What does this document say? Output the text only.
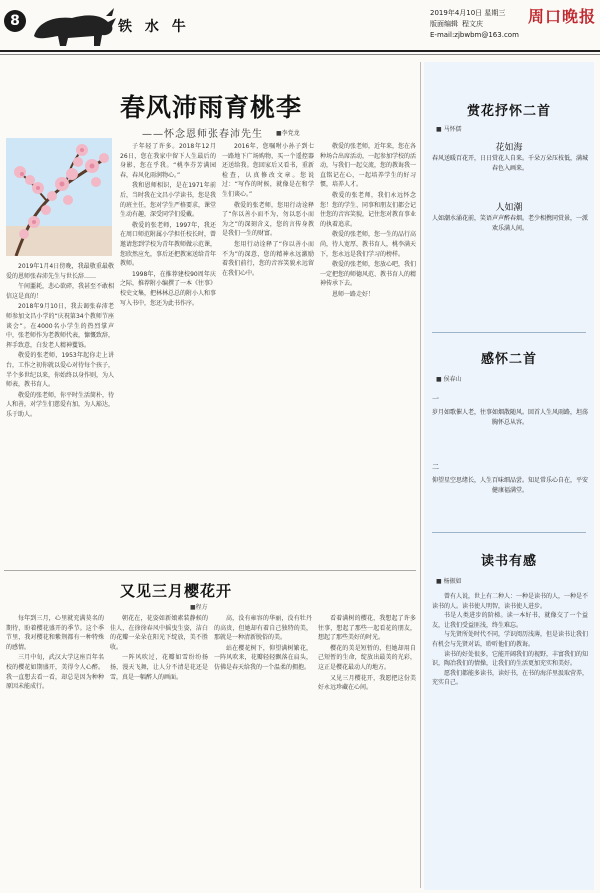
8	铁 水 牛
2019年4月10日 星期三
版面编辑 程文庆
E-mail:zjbwbm@163.com
周口晚报
春风沛雨育桃李
——怀念恩师张春沛先生 ■李党龙

2019年1月4日傍晚，我最敬重最敬爱的恩师张春沛先生与世长辞……

午间噩耗，悲心欲碎，我甚至不敢相信这是真的！

2018年9月10日，我去谒张春沛老师参加文昌小学的“庆祝第34个教师节座谈会”。在4000名小学生的热烈掌声中，张老师作为老教师代表，慷慨致辞，挥手致意，白发老人精神矍铄。

敬爱的张老师，1953年起你走上讲台，工作之初你就以爱心对待每个孩子，半个多世纪以来，你始终以身作则，为人师表，教书育人。

敬爱的张老师，你平时生活简朴，待人和善，对学生们慈爱有加，为人豁达，乐于助人。

子年轻了许多。2018年12月26日，您在我家中留下人生最后的身影，您在乎我。“桃李芬芳满园春，春风化雨润物心。”

我和恩师相识，是在1971年前后，当时我在文昌小学读书，您是我的班主任，您对学生严格要求，课堂生动有趣，深受同学们爱戴。

敬爱的张老师，1997年，我还在周口师范附属小学担任校长时，曾邀请您到学校为青年教师做示范课，您欣然应允，事后还把教案送给青年教师。

1998年，在推荐建校90周年庆之际，推荐附小编撰了一本《往事》校史文集，把林林总总的附小人和事写入书中，您还为此书作序。

2016年，您嘱咐小孙子到七一路地下广场购物，买一个遥控器还送给我。您回家后又看书，重新检查，认真修改文章。您说过：“写作的时候，就像是在和学生们谈心。”

敬爱的张老师，您用行动诠释了“你以善小而不为，勿以恶小而为之”的深刻含义，您的言传身教是我们一生的财富。

您用行动诠释了“你以善小而不为”的深意，您的精神永远激励着我们前行，您的音容笑貌永远留在我们心中。

敬爱的张老师，近年来，您在各种场合出席活动，一起参加学校的活动，与我们一起交流，您的教诲我一直铭记在心，一起培养学生的好习惯，培养人才。

敬爱的张老师，我们永远怀念您！您的学生、同事和朋友们都会记住您的音容笑貌，记住您对教育事业的执着追求。

敬爱的张老师，您一生的品行高尚，待人宽厚，教书育人，桃李满天下，您永远是我们学习的榜样。

敬爱的张老师，您放心吧，我们一定把您的师德风范、教书育人的精神传承下去。

恩师一路走好！

又见三月樱花开
■程方

每年到三月，心里就充满莫名的期待，盼着樱花盛开的季节。这个季节里，我对樱花和紫荆都有一种特殊的感情。

三月中旬，武汉大学这座百年名校的樱花如期盛开，美得令人心醉。我一直想去看一看，却总是因为种种原因未能成行。

朝花在，花姿如新娘素装静候的佳人，在徐徐春风中摇曳生姿，洁白的花瓣一朵朵在阳光下绽放，美不胜收。

一阵风吹过，花瓣如雪纷纷扬扬，漫天飞舞，让人分不清是花还是雪，真是一幅醉人的画面。

高，没有雍容的华丽，没有牡丹的高贵，但她却有着自己独特的美，那就是一种清新脱俗的美。

站在樱花树下，仰望满树繁花，一阵风吹来，花瓣轻轻飘落在肩头，仿佛是春天给我的一个温柔的拥抱。

看着满树的樱花，我想起了许多往事，想起了那些一起看花的朋友，想起了那些美好的时光。

樱花的美是短暂的，但她却用自己短暂的生命，绽放出最美的光彩，这正是樱花最动人的地方。

又见三月樱花开，我愿把这份美好永远珍藏在心间。

赏花抒怀二首
■ 马怀儒
花如海
春风送暖百花开，日日赏花人自来。千朵万朵压枝低，满城春色入画来。
人如潮
人如潮水涌花前，笑语声声醉春烟。老少相携同赏景，一派欢乐满人间。
感怀二首
■ 侯春山
一
岁月如歌催人老，往事如烟散随风。回首人生风雨路，坦荡胸怀总从容。
二
仰望星空思绪长，人生百味细品尝。知足常乐心自在，平安健康福满堂。
读书有感
■ 杨振如

曾有人说，世上有二种人：一种是读书的人，一种是不读书的人。读书使人明智，读书使人进步。

书是人类进步的阶梯。读一本好书，就像交了一个益友，让我们受益匪浅，终生难忘。

与先贤所处时代不同，学识阅历浅薄，但是读书让我们有机会与先贤对话，聆听他们的教诲。

读书的好处很多，它能开阔我们的视野，丰富我们的知识，陶冶我们的情操，让我们的生活更加充实和美好。

愿我们都能多读书，读好书，在书的海洋里汲取营养，充实自己。
